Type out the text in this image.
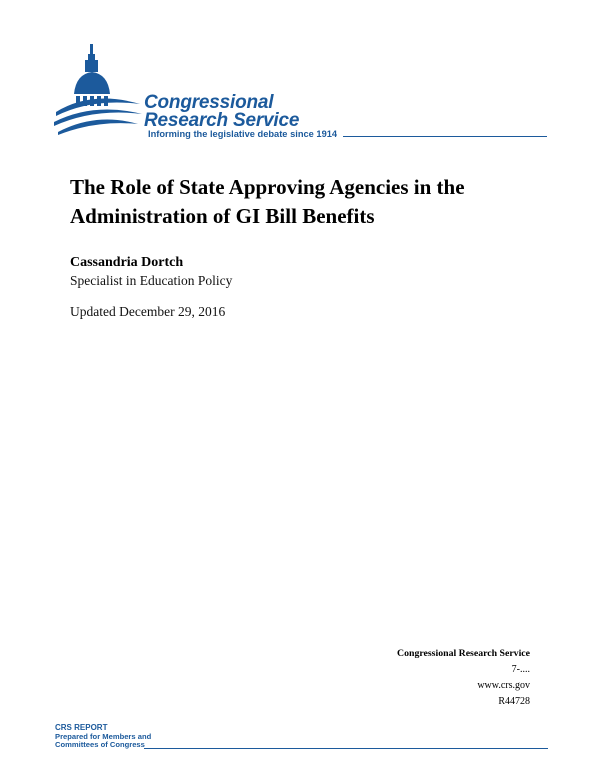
Congressional
Research Service
Informing the legislative debate since 1914
The Role of State Approving Agencies in the Administration of GI Bill Benefits
Cassandria Dortch
Specialist in Education Policy
Updated December 29, 2016
Congressional Research Service
7-....
www.crs.gov
R44728
CRS REPORT
Prepared for Members and
Committees of Congress
